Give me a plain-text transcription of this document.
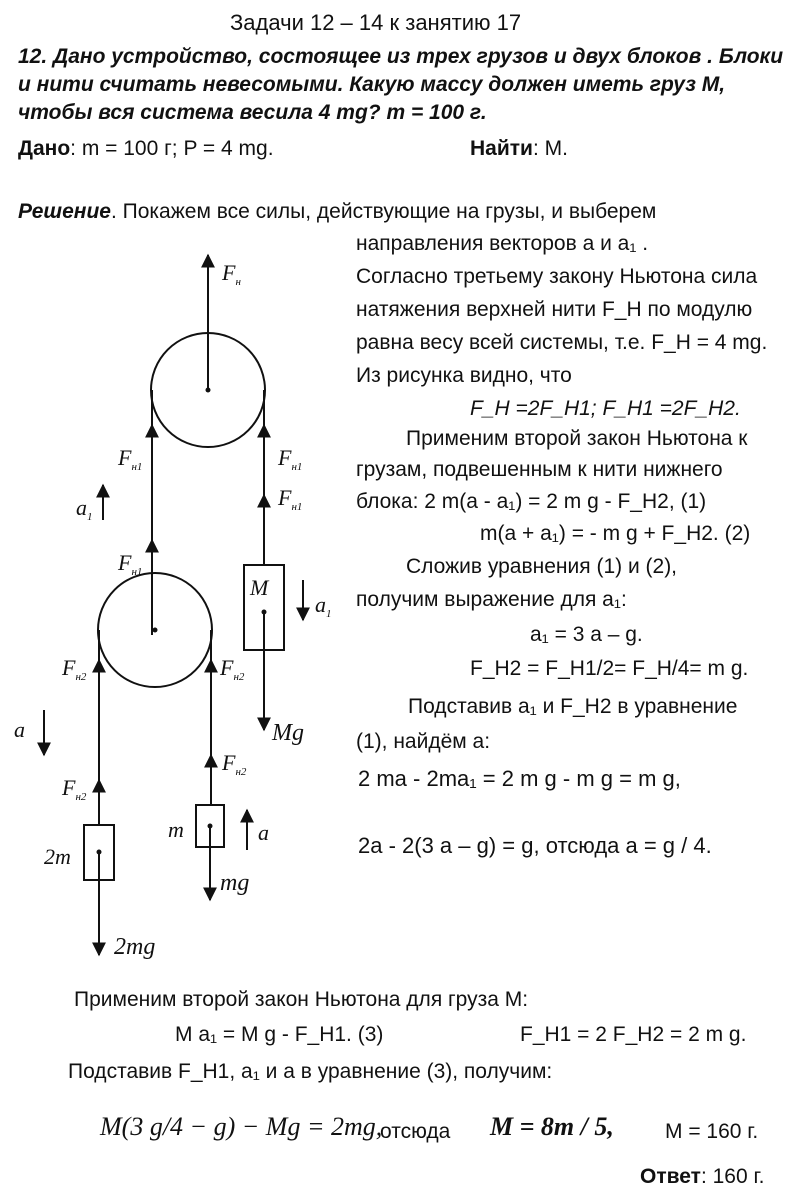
Задачи 12 – 14 к занятию 17
12. Дано устройство, состоящее из трех грузов и двух блоков . Блоки
и нити считать невесомыми. Какую массу должен иметь груз М,
чтобы вся система весила 4 mg? m = 100 г.
Дано: m = 100 г; P = 4 mg.	Найти: M.
Решение. Покажем все силы, действующие на грузы, и выберем
направления векторов a и a₁ .
Согласно третьему закону Ньютона сила
натяжения верхней нити F_H по модулю
равна весу всей системы, т.е. F_H = 4 mg.
Из рисунка видно, что
F_H =2F_H1; F_H1 =2F_H2.
Применим второй закон Ньютона к
грузам, подвешенным к нити нижнего
блока: 2 m(a - a₁) = 2 m g - F_H2, (1)
m(a + a₁) = - m g + F_H2. (2)
Сложив уравнения (1) и (2),
получим выражение для a₁:
a₁ = 3 a – g.
F_H2 = F_H1/2= F_H/4= m g.
Подставив a₁ и F_H2 в уравнение
(1), найдём a:
2 ma - 2ma₁ = 2 m g - m g = m g,
2a - 2(3 a – g) = g, отсюда a = g / 4.
$F_н$
$F_{н1}$	$F_{н1}$
$F_{н1}$
$F_{н1}$
$F_{н2}$	$F_{н2}$
$F_{н2}$
$F_{н2}$
$a_1$
$a_1$
a
a
M
Mg
m
mg
2m
2mg
Применим второй закон Ньютона для груза M:
M a₁ = M g - F_H1. (3)	F_H1 = 2 F_H2 = 2 m g.
Подставив F_H1, a₁ и a в уравнение (3), получим:
M(3 g/4 − g) − Mg = 2mg,
отсюда M = 8m / 5, M = 160 г.
Ответ: 160 г.
